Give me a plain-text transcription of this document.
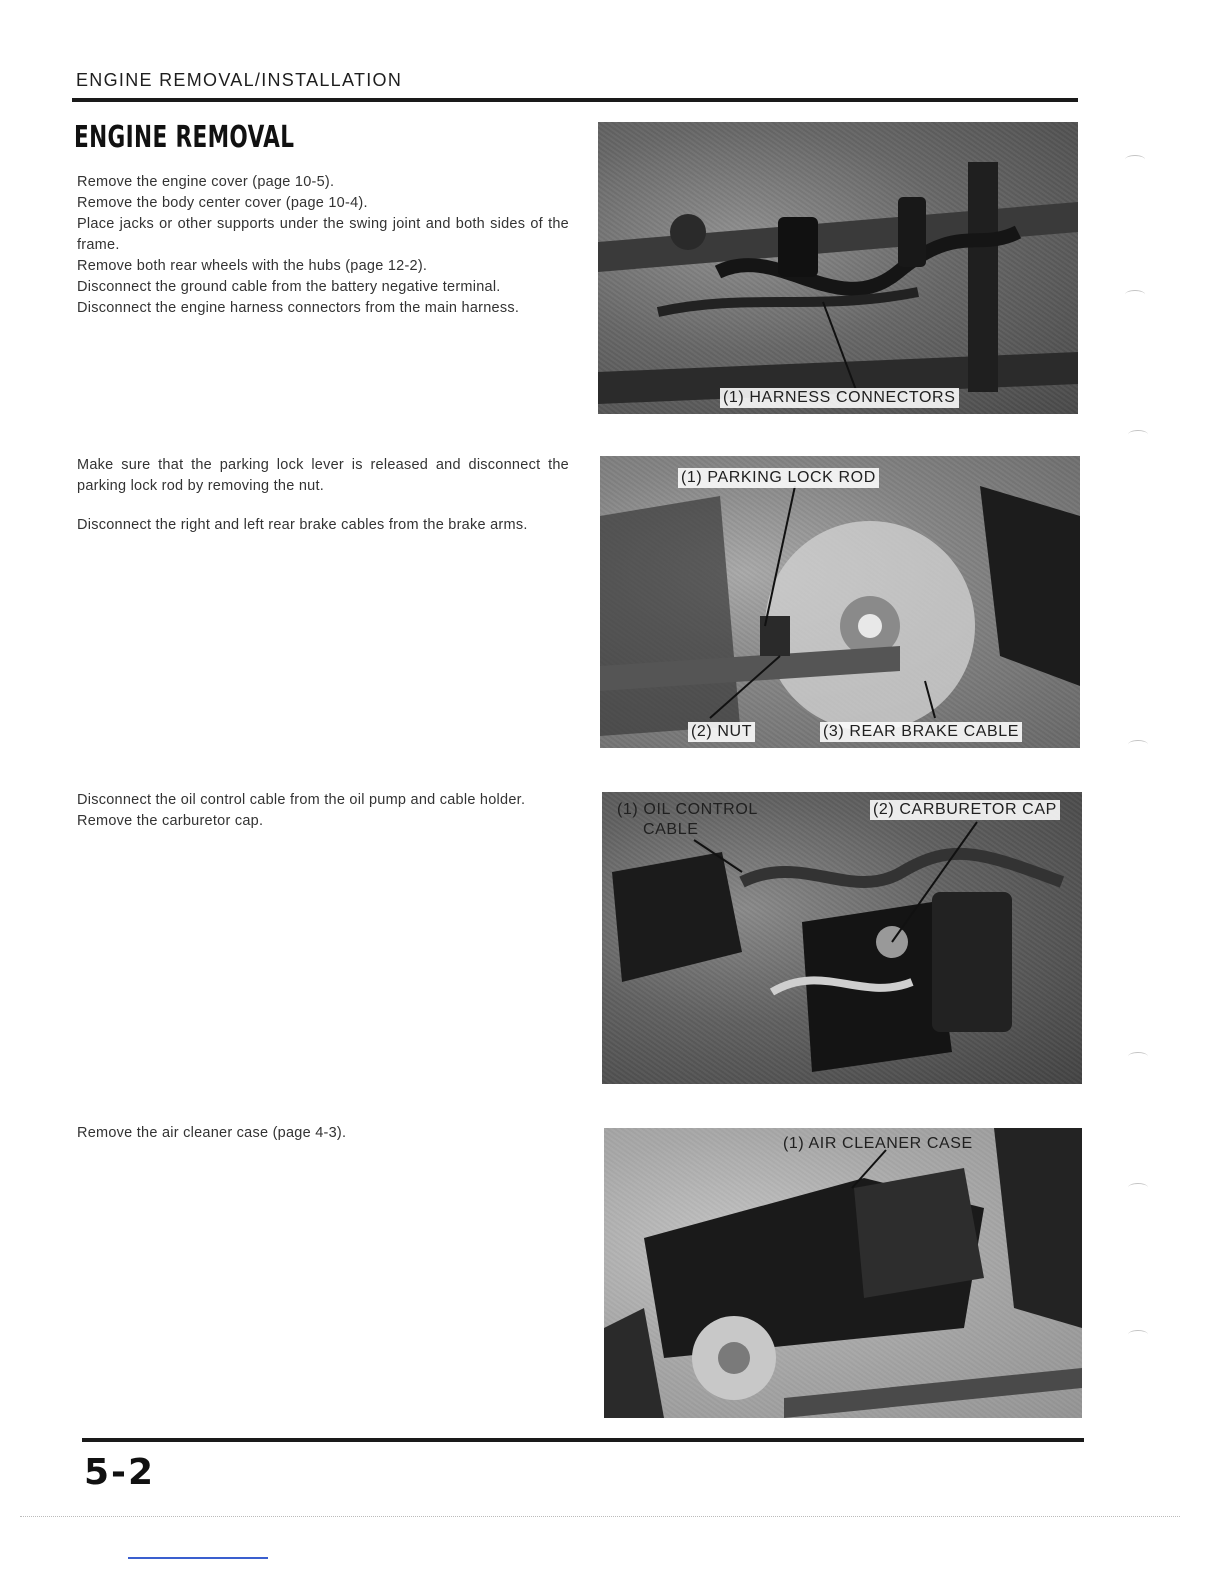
ENGINE REMOVAL/INSTALLATION
ENGINE REMOVAL

Remove the engine cover (page 10-5).

Remove the body center cover (page 10-4).

Place jacks or other supports under the swing joint and both sides of the frame.

Remove both rear wheels with the hubs (page 12-2).

Disconnect the ground cable from the battery negative terminal.

Disconnect the engine harness connectors from the main harness.

(1) HARNESS CONNECTORS

Make sure that the parking lock lever is released and disconnect the parking lock rod by removing the nut.

Disconnect the right and left rear brake cables from the brake arms.

(1) PARKING LOCK ROD
(2) NUT	(3) REAR BRAKE CABLE

Disconnect the oil control cable from the oil pump and cable holder.

Remove the carburetor cap.

(1) OIL CONTROL
CABLE
(2) CARBURETOR CAP

Remove the air cleaner case (page 4-3).

(1) AIR CLEANER CASE
5-2
